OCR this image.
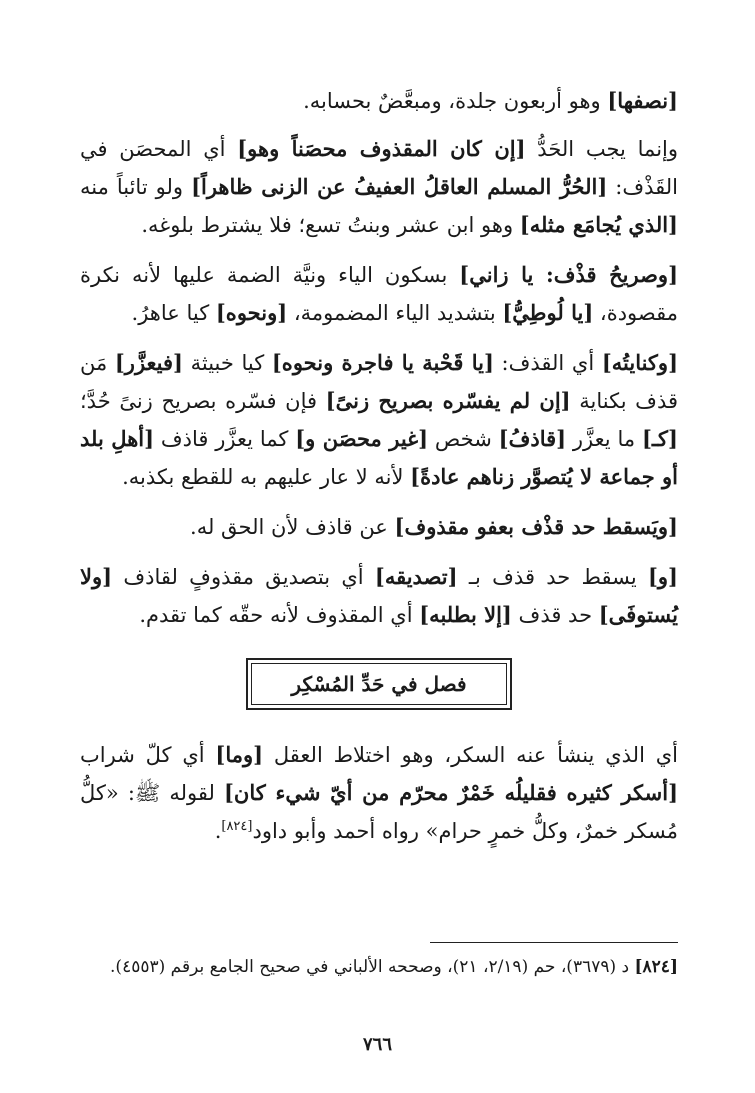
[نصفها] وهو أربعون جلدة، ومبعَّضٌ بحسابه.

وإنما يجب الحَدُّ [إن كان المقذوف محصَناً وهو] أي المحصَن في القَذْف: [الحُرُّ المسلم العاقلُ العفيفُ عن الزنى ظاهراً] ولو تائباً منه [الذي يُجامَع مثله] وهو ابن عشر وبنتُ تسع؛ فلا يشترط بلوغه.

[وصريحُ قذْف: يا زاني] بسكون الياء ونيَّة الضمة عليها لأنه نكرة مقصودة، [يا لُوطِيُّ] بتشديد الياء المضمومة، [ونحوه] كيا عاهرُ.

[وكنايتُه] أي القذف: [يا قَحْبة يا فاجرة ونحوه] كيا خبيثة [فيعزَّر] مَن قذف بكناية [إن لم يفسّره بصريح زنىً] فإن فسّره بصريح زنىً حُدَّ؛ [كـ] ما يعزَّر [قاذفُ] شخص [غير محصَن و] كما يعزَّر قاذف [أهلِ بلد أو جماعة لا يُتصوَّر زناهم عادةً] لأنه لا عار عليهم به للقطع بكذبه.

[ويَسقط حد قذْف بعفو مقذوف] عن قاذف لأن الحق له.

[و] يسقط حد قذف بـ [تصديقه] أي بتصديق مقذوفٍ لقاذف [ولا يُستوفَى] حد قذف [إلا بطلبه] أي المقذوف لأنه حقّه كما تقدم.

فصل في حَدِّ المُسْكِر

أي الذي ينشأ عنه السكر، وهو اختلاط العقل [وما] أي كلّ شراب [أسكر كثيره فقليلُه خَمْرٌ محرّم من أيّ شيء كان] لقوله ﷺ: «كلُّ مُسكر خمرٌ، وكلُّ خمرٍ حرام» رواه أحمد وأبو داود[٨٢٤].

[٨٢٤] د (٣٦٧٩)، حم (٢/١٩، ٢١)، وصححه الألباني في صحيح الجامع برقم (٤٥٥٣).
٧٦٦
